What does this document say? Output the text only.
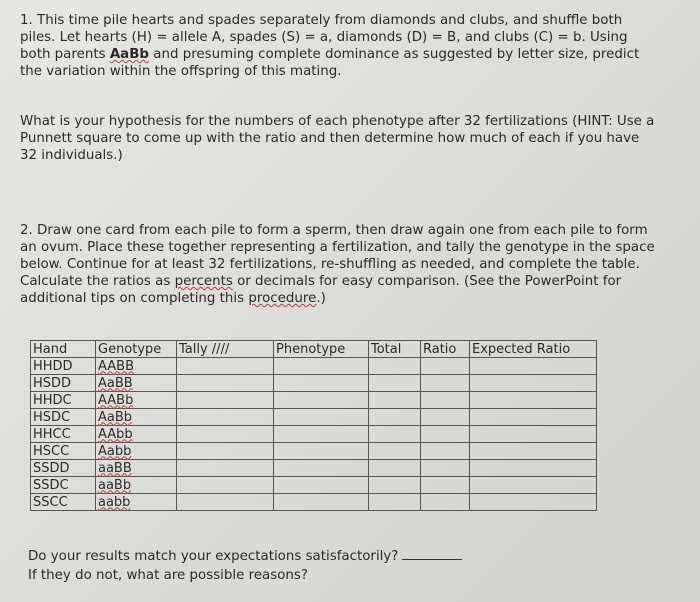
1. This time pile hearts and spades separately from diamonds and clubs, and shuffle both piles. Let hearts (H) = allele A, spades (S) = a, diamonds (D) = B, and clubs (C) = b. Using both parents AaBb and presuming complete dominance as suggested by letter size, predict the variation within the offspring of this mating.

What is your hypothesis for the numbers of each phenotype after 32 fertilizations (HINT: Use a Punnett square to come up with the ratio and then determine how much of each if you have 32 individuals.)

2. Draw one card from each pile to form a sperm, then draw again one from each pile to form an ovum. Place these together representing a fertilization, and tally the genotype in the space below. Continue for at least 32 fertilizations, re-shuffling as needed, and complete the table. Calculate the ratios as percents or decimals for easy comparison. (See the PowerPoint for additional tips on completing this procedure.)

Hand	Genotype	Tally ////	Phenotype	Total	Ratio	Expected Ratio
HHDD	AABB					
HSDD	AaBB					
HHDC	AABb					
HSDC	AaBb					
HHCC	AAbb					
HSCC	Aabb					
SSDD	aaBB					
SSDC	aaBb					
SSCC	aabb					
Do your results match your expectations satisfactorily?
If they do not, what are possible reasons?
